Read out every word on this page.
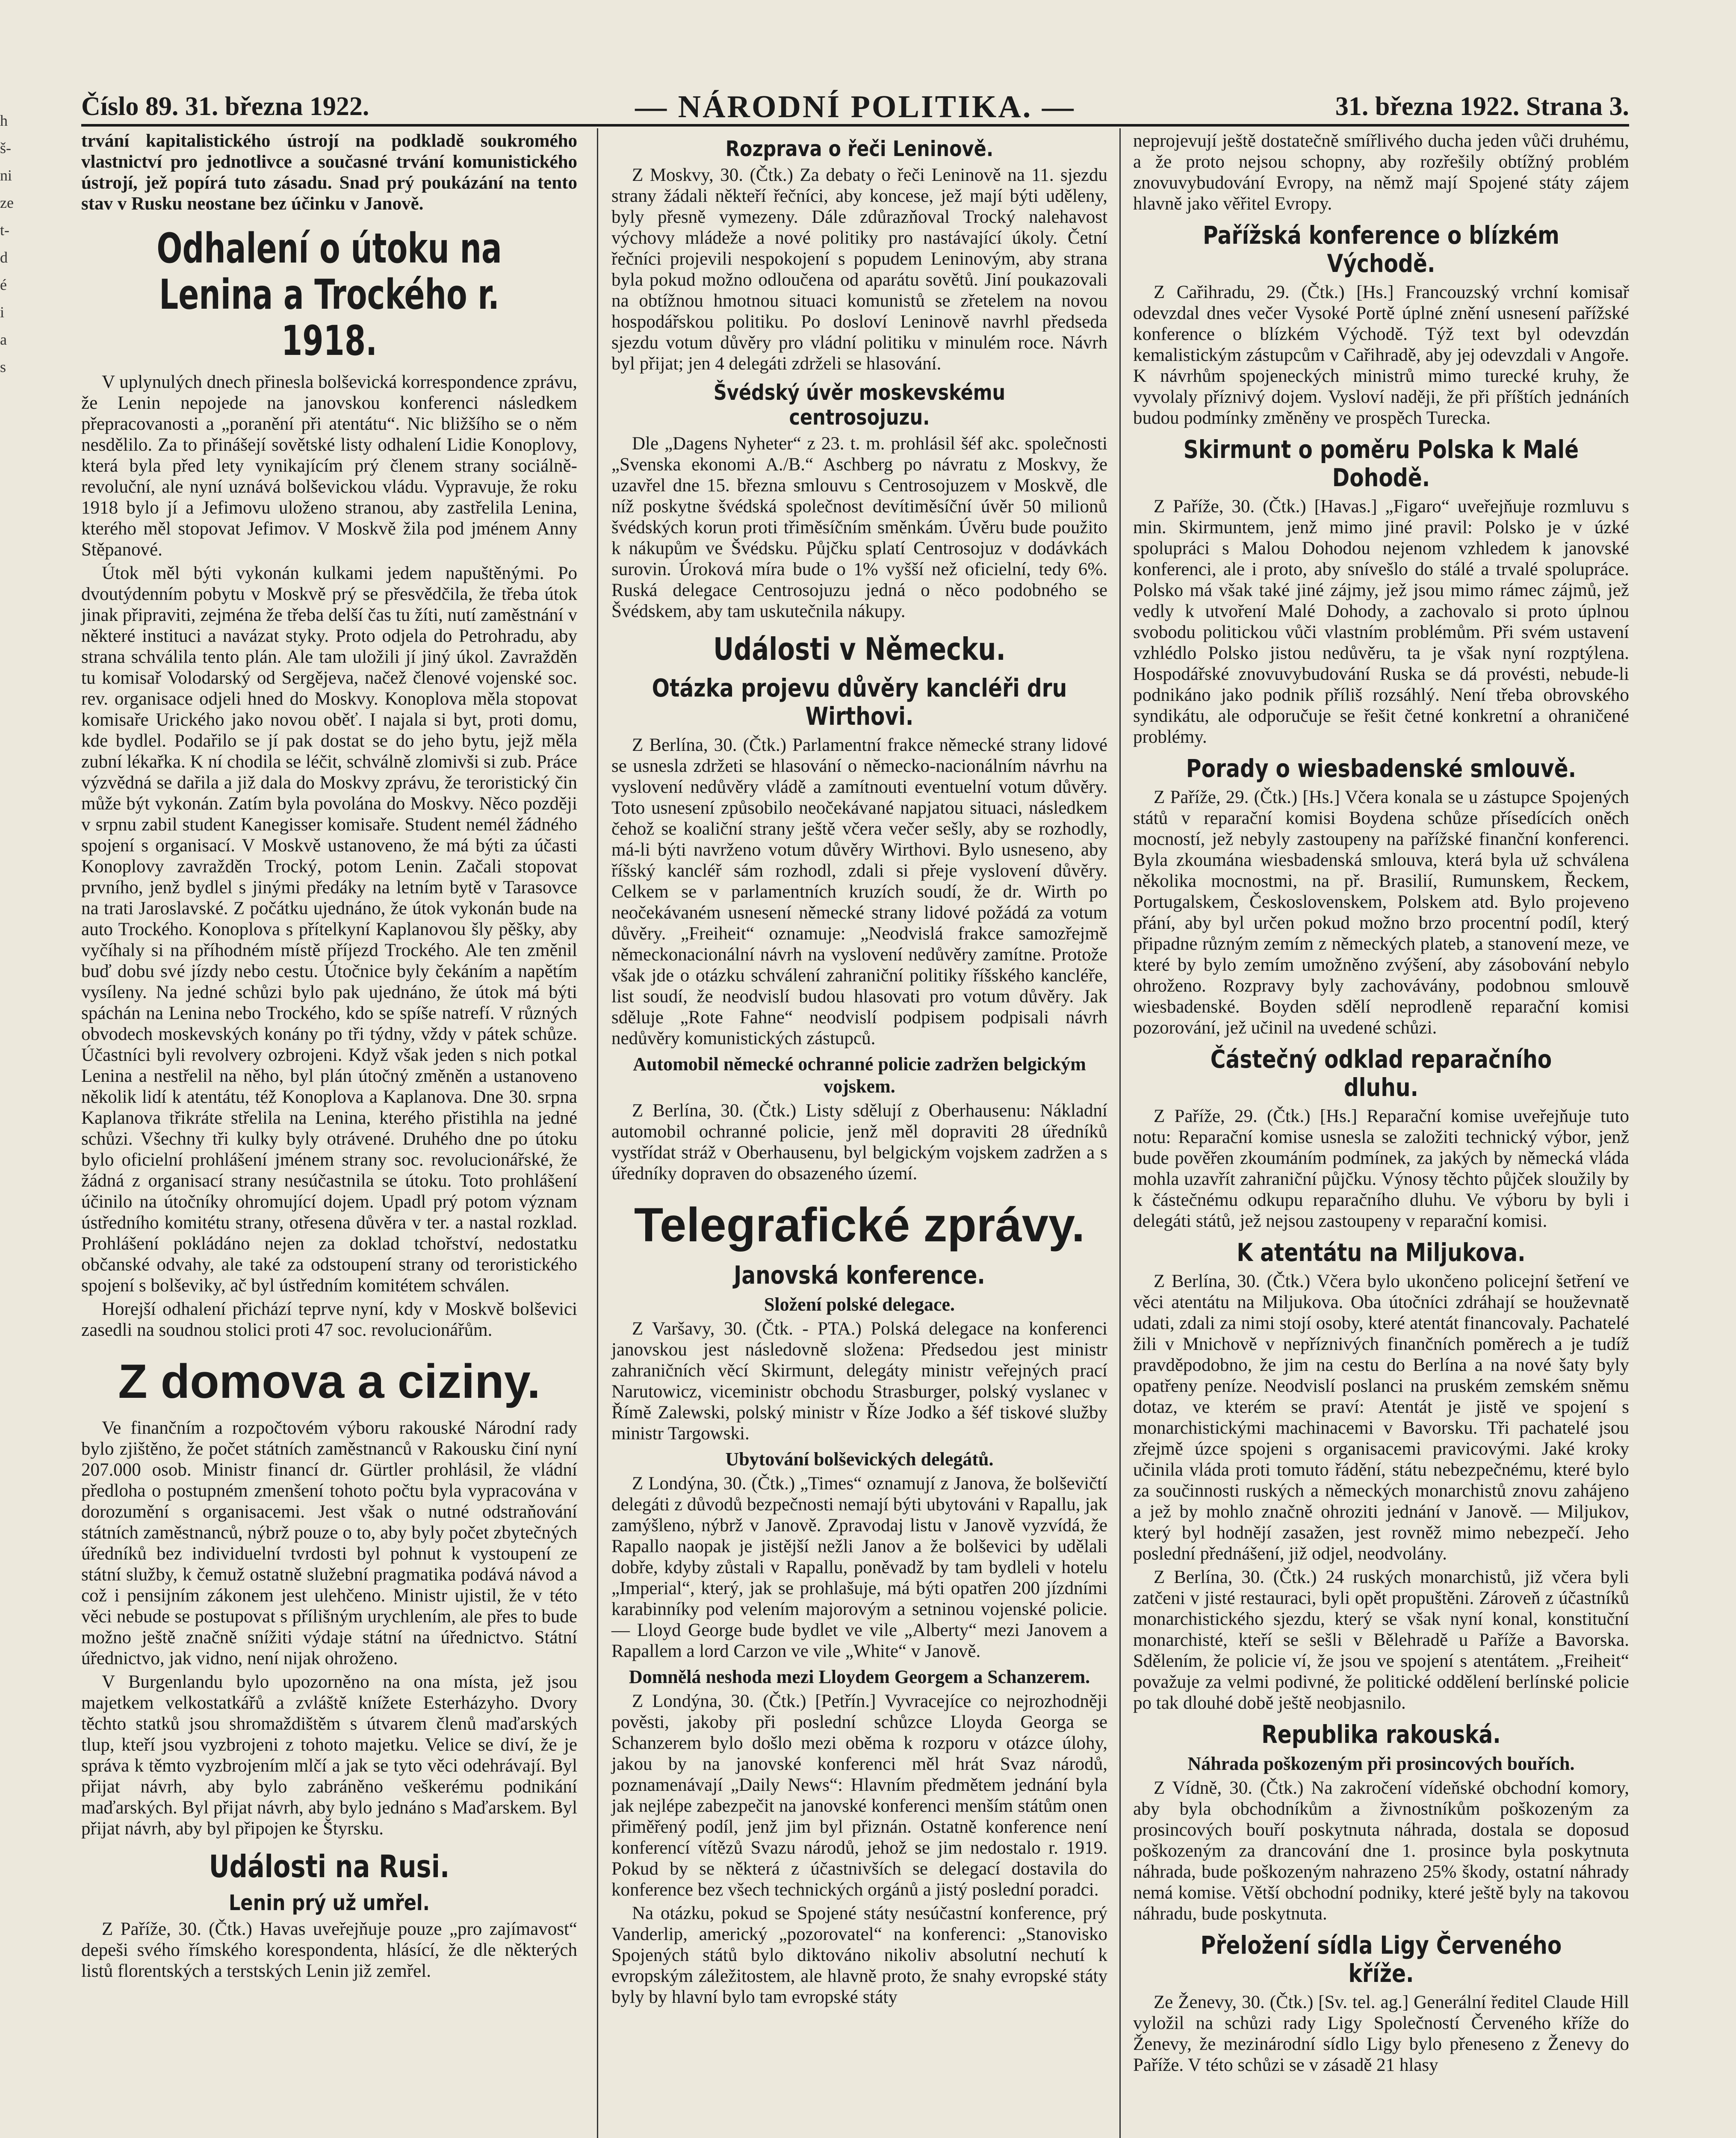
h
š-
ni
ze
t-
d
é
i
a
s
Číslo 89. 31. března 1922.	— NÁRODNÍ POLITIKA. —	31. března 1922. Strana 3.

trvání kapitalistického ústrojí na podkladě soukromého vlastnictví pro jednotlivce a současné trvání komunistického ústrojí, jež popírá tuto zásadu. Snad prý poukázání na tento stav v Rusku neostane bez účinku v Janově.

Odhalení o útoku na Lenina a Trockého r. 1918.

V uplynulých dnech přinesla bolševická korrespondence zprávu, že Lenin nepojede na janovskou konferenci následkem přepracovanosti a „poranění při atentátu“. Nic bližšího se o něm nesdělilo. Za to přinášejí sovětské listy odhalení Lidie Konoplovy, která byla před lety vynikajícím prý členem strany sociálně-revoluční, ale nyní uznává bolševickou vládu. Vypravuje, že roku 1918 bylo jí a Jefimovu uloženo stranou, aby zastřelila Lenina, kterého měl stopovat Jefimov. V Moskvě žila pod jménem Anny Stěpanové.

Útok měl býti vykonán kulkami jedem napuštěnými. Po dvoutýdenním pobytu v Moskvě prý se přesvědčila, že třeba útok jinak připraviti, zejména že třeba delší čas tu žíti, nutí zaměstnání v některé instituci a navázat styky. Proto odjela do Petrohradu, aby strana schválila tento plán. Ale tam uložili jí jiný úkol. Zavražděn tu komisař Volodarský od Sergějeva, načež členové vojenské soc. rev. organisace odjeli hned do Moskvy. Konoplova měla stopovat komisaře Urického jako novou oběť. I najala si byt, proti domu, kde bydlel. Podařilo se jí pak dostat se do jeho bytu, jejž měla zubní lékařka. K ní chodila se léčit, schválně zlomivši si zub. Práce výzvědná se dařila a již dala do Moskvy zprávu, že teroristický čin může být vykonán. Zatím byla povolána do Moskvy. Něco později v srpnu zabil student Kanegisser komisaře. Student nemél žádného spojení s organisací. V Moskvě ustanoveno, že má býti za účasti Konoplovy zavražděn Trocký, potom Lenin. Začali stopovat prvního, jenž bydlel s jinými předáky na letním bytě v Tarasovce na trati Jaroslavské. Z počátku ujednáno, že útok vykonán bude na auto Trockého. Konoplova s přítelkyní Kaplanovou šly pěšky, aby vyčíhaly si na příhodném místě příjezd Trockého. Ale ten změnil buď dobu své jízdy nebo cestu. Útočnice byly čekáním a napětím vysíleny. Na jedné schůzi bylo pak ujednáno, že útok má býti spáchán na Lenina nebo Trockého, kdo se spíše natrefí. V různých obvodech moskevských konány po tři týdny, vždy v pátek schůze. Účastníci byli revolvery ozbrojeni. Když však jeden s nich potkal Lenina a nestřelil na něho, byl plán útočný změněn a ustanoveno několik lidí k atentátu, též Konoplova a Kaplanova. Dne 30. srpna Kaplanova třikráte střelila na Lenina, kterého přistihla na jedné schůzi. Všechny tři kulky byly otrávené. Druhého dne po útoku bylo oficielní prohlášení jménem strany soc. revolucionářské, že žádná z organisací strany nesúčastnila se útoku. Toto prohlášení účinilo na útočníky ohromující dojem. Upadl prý potom význam ústředního komitétu strany, otřesena důvěra v ter. a nastal rozklad. Prohlášení pokládáno nejen za doklad tchořství, nedostatku občanské odvahy, ale také za odstoupení strany od teroristického spojení s bolševiky, ač byl ústředním komitétem schválen.

Horejší odhalení přichází teprve nyní, kdy v Moskvě bolševici zasedli na soudnou stolici proti 47 soc. revolucionářům.

Z domova a ciziny.

Ve finančním a rozpočtovém výboru rakouské Národní rady bylo zjištěno, že počet státních zaměstnanců v Rakousku činí nyní 207.000 osob. Ministr financí dr. Gürtler prohlásil, že vládní předloha o postupném zmenšení tohoto počtu byla vypracována v dorozumění s organisacemi. Jest však o nutné odstraňování státních zaměstnanců, nýbrž pouze o to, aby byly počet zbytečných úředníků bez individuelní tvrdosti byl pohnut k vystoupení ze státní služby, k čemuž ostatně služební pragmatika podává návod a což i pensijním zákonem jest ulehčeno. Ministr ujistil, že v této věci nebude se postupovat s přílišným urychlením, ale přes to bude možno ještě značně snížiti výdaje státní na úřednictvo. Státní úřednictvo, jak vidno, není nijak ohroženo.

V Burgenlandu bylo upozorněno na ona místa, jež jsou majetkem velkostatkářů a zvláště knížete Esterházyho. Dvory těchto statků jsou shromaždištěm s útvarem členů maďarských tlup, kteří jsou vyzbrojeni z tohoto majetku. Velice se diví, že je správa k těmto vyzbrojením mlčí a jak se tyto věci odehrávají. Byl přijat návrh, aby bylo zabráněno veškerému podnikání maďarských. Byl přijat návrh, aby bylo jednáno s Maďarskem. Byl přijat návrh, aby byl připojen ke Štyrsku.

Události na Rusi.
Lenin prý už umřel.

Z Paříže, 30. (Čtk.) Havas uveřejňuje pouze „pro zajímavost“ depeši svého římského korespondenta, hlásící, že dle některých listů florentských a terstských Lenin již zemřel.

Rozprava o řeči Leninově.

Z Moskvy, 30. (Čtk.) Za debaty o řeči Leninově na 11. sjezdu strany žádali někteří řečníci, aby koncese, jež mají býti uděleny, byly přesně vymezeny. Dále zdůrazňoval Trocký nalehavost výchovy mládeže a nové politiky pro nastávající úkoly. Četní řečníci projevili nespokojení s popudem Leninovým, aby strana byla pokud možno odloučena od aparátu sovětů. Jiní poukazovali na obtížnou hmotnou situaci komunistů se zřetelem na novou hospodářskou politiku. Po dosloví Leninově navrhl předseda sjezdu votum důvěry pro vládní politiku v minulém roce. Návrh byl přijat; jen 4 delegáti zdrželi se hlasování.

Švédský úvěr moskevskému centrosojuzu.

Dle „Dagens Nyheter“ z 23. t. m. prohlásil šéf akc. společnosti „Svenska ekonomi A./B.“ Aschberg po návratu z Moskvy, že uzavřel dne 15. března smlouvu s Centrosojuzem v Moskvě, dle níž poskytne švédská společnost devítiměsíční úvěr 50 milionů švédských korun proti třiměsíčním směnkám. Úvěru bude použito k nákupům ve Švédsku. Půjčku splatí Centrosojuz v dodávkách surovin. Úroková míra bude o 1% vyšší než oficielní, tedy 6%. Ruská delegace Centrosojuzu jedná o něco podobného se Švédskem, aby tam uskutečnila nákupy.

Události v Německu.
Otázka projevu důvěry kancléři dru Wirthovi.

Z Berlína, 30. (Čtk.) Parlamentní frakce německé strany lidové se usnesla zdržeti se hlasování o německo-nacionálním návrhu na vyslovení nedůvěry vládě a zamítnouti eventuelní votum důvěry. Toto usnesení způsobilo neočekávané napjatou situaci, následkem čehož se koaliční strany ještě včera večer sešly, aby se rozhodly, má-li býti navrženo votum důvěry Wirthovi. Bylo usneseno, aby říšský kancléř sám rozhodl, zdali si přeje vyslovení důvěry. Celkem se v parlamentních kruzích soudí, že dr. Wirth po neočekávaném usnesení německé strany lidové požádá za votum důvěry. „Freiheit“ oznamuje: „Neodvislá frakce samozřejmě německonacionální návrh na vyslovení nedůvěry zamítne. Protože však jde o otázku schválení zahraniční politiky říšského kancléře, list soudí, že neodvislí budou hlasovati pro votum důvěry. Jak sděluje „Rote Fahne“ neodvislí podpisem podpisali návrh nedůvěry komunistických zástupců.

Automobil německé ochranné policie zadržen belgickým vojskem.

Z Berlína, 30. (Čtk.) Listy sdělují z Oberhausenu: Nákladní automobil ochranné policie, jenž měl dopraviti 28 úředníků vystřídat stráž v Oberhausenu, byl belgickým vojskem zadržen a s úředníky dopraven do obsazeného území.

Telegrafické zprávy.
Janovská konference.
Složení polské delegace.

Z Varšavy, 30. (Čtk. - PTA.) Polská delegace na konferenci janovskou jest následovně složena: Předsedou jest ministr zahraničních věcí Skirmunt, delegáty ministr veřejných prací Narutowicz, viceministr obchodu Strasburger, polský vyslanec v Římě Zalewski, polský ministr v Říze Jodko a šéf tiskové služby ministr Targowski.

Ubytování bolševických delegátů.

Z Londýna, 30. (Čtk.) „Times“ oznamují z Janova, že bolševičtí delegáti z důvodů bezpečnosti nemají býti ubytováni v Rapallu, jak zamýšleno, nýbrž v Janově. Zpravodaj listu v Janově vyzvídá, že Rapallo naopak je jistější nežli Janov a že bolševici by udělali dobře, kdyby zůstali v Rapallu, poněvadž by tam bydleli v hotelu „Imperial“, který, jak se prohlašuje, má býti opatřen 200 jízdními karabinníky pod velením majorovým a setninou vojenské policie. — Lloyd George bude bydlet ve vile „Alberty“ mezi Janovem a Rapallem a lord Carzon ve vile „White“ v Janově.

Domnělá neshoda mezi Lloydem Georgem a Schanzerem.

Z Londýna, 30. (Čtk.) [Petřín.] Vyvracejíce co nejrozhodněji pověsti, jakoby při poslední schůzce Lloyda Georga se Schanzerem bylo došlo mezi oběma k rozporu v otázce úlohy, jakou by na janovské konferenci měl hrát Svaz národů, poznamenávají „Daily News“: Hlavním předmětem jednání byla jak nejlépe zabezpečit na janovské konferenci menším státům onen přiměřený podíl, jenž jim byl přiznán. Ostatně konference není konferencí vítězů Svazu národů, jehož se jim nedostalo r. 1919. Pokud by se některá z účastnivších se delegací dostavila do konference bez všech technických orgánů a jistý poslední poradci.

Na otázku, pokud se Spojené státy nesúčastní konference, prý Vanderlip, americký „pozorovatel“ na konferenci: „Stanovisko Spojených států bylo diktováno nikoliv absolutní nechutí k evropským záležitostem, ale hlavně proto, že snahy evropské státy byly by hlavní bylo tam evropské státy

neprojevují ještě dostatečně smířlivého ducha jeden vůči druhému, a že proto nejsou schopny, aby rozřešily obtížný problém znovuvybudování Evropy, na němž mají Spojené státy zájem hlavně jako věřitel Evropy.

Pařížská konference o blízkém Východě.

Z Cařihradu, 29. (Čtk.) [Hs.] Francouzský vrchní komisař odevzdal dnes večer Vysoké Portě úplné znění usnesení pařížské konference o blízkém Východě. Týž text byl odevzdán kemalistickým zástupcům v Cařihradě, aby jej odevzdali v Angoře. K návrhům spojeneckých ministrů mimo turecké kruhy, že vyvolaly příznivý dojem. Vysloví naději, že při příštích jednáních budou podmínky změněny ve prospěch Turecka.

Skirmunt o poměru Polska k Malé Dohodě.

Z Paříže, 30. (Čtk.) [Havas.] „Figaro“ uveřejňuje rozmluvu s min. Skirmuntem, jenž mimo jiné pravil: Polsko je v úzké spolupráci s Malou Dohodou nejenom vzhledem k janovské konferenci, ale i proto, aby snívešlo do stálé a trvalé spolupráce. Polsko má však také jiné zájmy, jež jsou mimo rámec zájmů, jež vedly k utvoření Malé Dohody, a zachovalo si proto úplnou svobodu politickou vůči vlastním problémům. Při svém ustavení vzhlédlo Polsko jistou nedůvěru, ta je však nyní rozptýlena. Hospodářské znovuvybudování Ruska se dá provésti, nebude-li podnikáno jako podnik příliš rozsáhlý. Není třeba obrovského syndikátu, ale odporučuje se řešit četné konkretní a ohraničené problémy.

Porady o wiesbadenské smlouvě.

Z Paříže, 29. (Čtk.) [Hs.] Včera konala se u zástupce Spojených států v reparační komisi Boydena schůze přísedících oněch mocností, jež nebyly zastoupeny na pařížské finanční konferenci. Byla zkoumána wiesbadenská smlouva, která byla už schválena několika mocnostmi, na př. Brasilií, Rumunskem, Řeckem, Portugalskem, Československem, Polskem atd. Bylo projeveno přání, aby byl určen pokud možno brzo procentní podíl, který připadne různým zemím z německých plateb, a stanovení meze, ve které by bylo zemím umožněno zvýšení, aby zásobování nebylo ohroženo. Rozpravy byly zachovávány, podobnou smlouvě wiesbadenské. Boyden sdělí neprodleně reparační komisi pozorování, jež učinil na uvedené schůzi.

Částečný odklad reparačního dluhu.

Z Paříže, 29. (Čtk.) [Hs.] Reparační komise uveřejňuje tuto notu: Reparační komise usnesla se založiti technický výbor, jenž bude pověřen zkoumáním podmínek, za jakých by německá vláda mohla uzavřít zahraniční půjčku. Výnosy těchto půjček sloužily by k částečnému odkupu reparačního dluhu. Ve výboru by byli i delegáti států, jež nejsou zastoupeny v reparační komisi.

K atentátu na Miljukova.

Z Berlína, 30. (Čtk.) Včera bylo ukončeno policejní šetření ve věci atentátu na Miljukova. Oba útočníci zdráhají se houževnatě udati, zdali za nimi stojí osoby, které atentát financovaly. Pachatelé žili v Mnichově v nepříznivých finančních poměrech a je tudíž pravděpodobno, že jim na cestu do Berlína a na nové šaty byly opatřeny peníze. Neodvislí poslanci na pruském zemském sněmu dotaz, ve kterém se praví: Atentát je jistě ve spojení s monarchistickými machinacemi v Bavorsku. Tři pachatelé jsou zřejmě úzce spojeni s organisacemi pravicovými. Jaké kroky učinila vláda proti tomuto řádění, státu nebezpečnému, které bylo za součinnosti ruských a německých monarchistů znovu zahájeno a jež by mohlo značně ohroziti jednání v Janově. — Miljukov, který byl hodnějí zasažen, jest rovněž mimo nebezpečí. Jeho poslední přednášení, již odjel, neodvolány.

Z Berlína, 30. (Čtk.) 24 ruských monarchistů, již včera byli zatčeni v jisté restauraci, byli opět propuštěni. Zároveň z účastníků monarchistického sjezdu, který se však nyní konal, konstituční monarchisté, kteří se sešli v Bělehradě u Paříže a Bavorska. Sdělením, že policie ví, že jsou ve spojení s atentátem. „Freiheit“ považuje za velmi podivné, že politické oddělení berlínské policie po tak dlouhé době ještě neobjasnilo.

Republika rakouská.
Náhrada poškozeným při prosincových bouřích.

Z Vídně, 30. (Čtk.) Na zakročení vídeňské obchodní komory, aby byla obchodníkům a živnostníkům poškozeným za prosincových bouří poskytnuta náhrada, dostala se doposud poškozeným za drancování dne 1. prosince byla poskytnuta náhrada, bude poškozeným nahrazeno 25% škody, ostatní náhrady nemá komise. Větší obchodní podniky, které ještě byly na takovou náhradu, bude poskytnuta.

Přeložení sídla Ligy Červeného kříže.

Ze Ženevy, 30. (Čtk.) [Sv. tel. ag.] Generální ředitel Claude Hill vyložil na schůzi rady Ligy Společností Červeného kříže do Ženevy, že mezinárodní sídlo Ligy bylo přeneseno z Ženevy do Paříže. V této schůzi se v zásadě 21 hlasy
